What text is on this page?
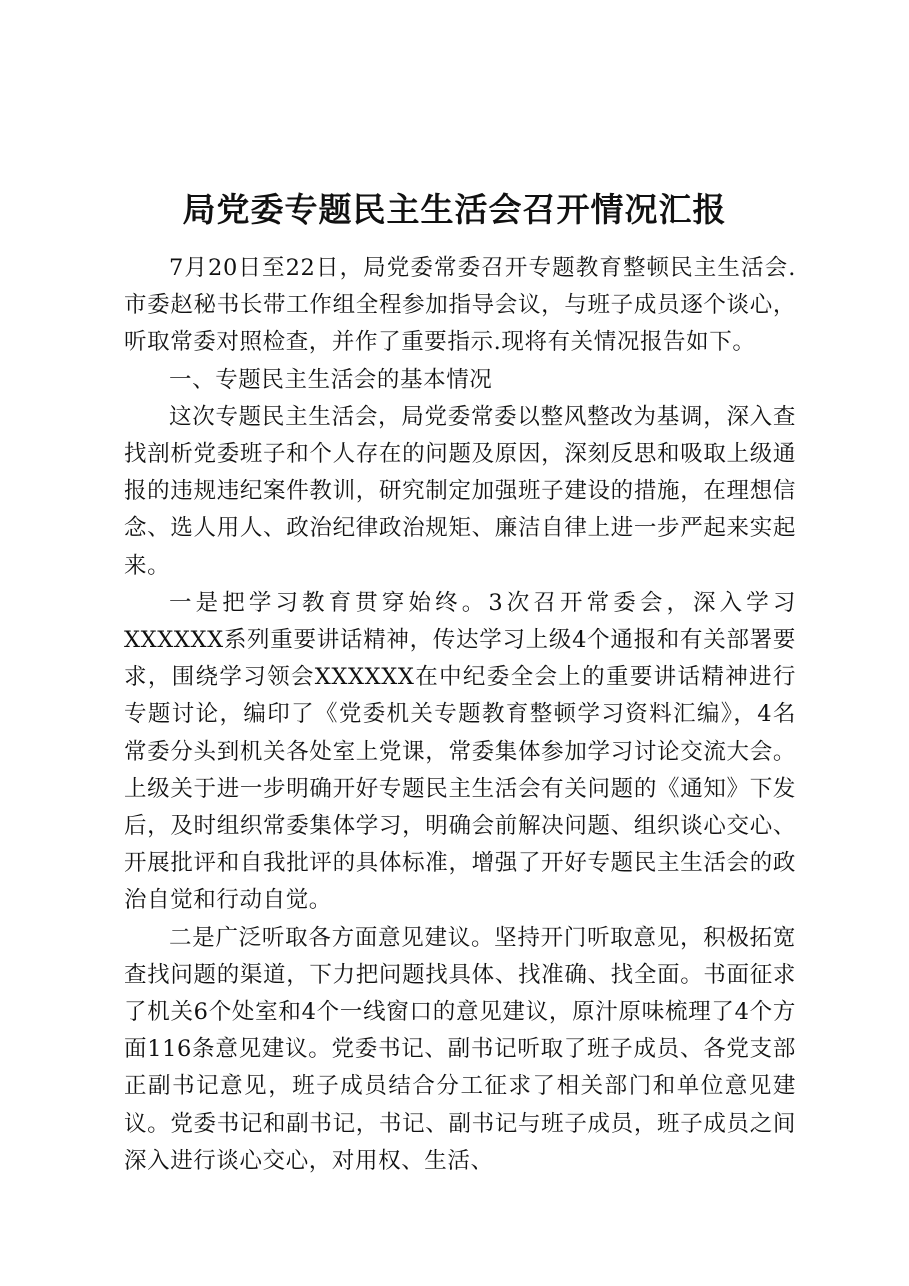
局党委专题民主生活会召开情况汇报

7月20日至22日，局党委常委召开专题教育整顿民主生活会.市委赵秘书长带工作组全程参加指导会议，与班子成员逐个谈心，听取常委对照检查，并作了重要指示.现将有关情况报告如下。

一、专题民主生活会的基本情况

这次专题民主生活会，局党委常委以整风整改为基调，深入查找剖析党委班子和个人存在的问题及原因，深刻反思和吸取上级通报的违规违纪案件教训，研究制定加强班子建设的措施，在理想信念、选人用人、政治纪律政治规矩、廉洁自律上进一步严起来实起来。

一是把学习教育贯穿始终。3次召开常委会，深入学习XXXXXX系列重要讲话精神，传达学习上级4个通报和有关部署要求，围绕学习领会XXXXXX在中纪委全会上的重要讲话精神进行专题讨论，编印了《党委机关专题教育整顿学习资料汇编》，4名常委分头到机关各处室上党课，常委集体参加学习讨论交流大会。上级关于进一步明确开好专题民主生活会有关问题的《通知》下发后，及时组织常委集体学习，明确会前解决问题、组织谈心交心、开展批评和自我批评的具体标准，增强了开好专题民主生活会的政治自觉和行动自觉。

二是广泛听取各方面意见建议。坚持开门听取意见，积极拓宽查找问题的渠道，下力把问题找具体、找准确、找全面。书面征求了机关6个处室和4个一线窗口的意见建议，原汁原味梳理了4个方面116条意见建议。党委书记、副书记听取了班子成员、各党支部正副书记意见，班子成员结合分工征求了相关部门和单位意见建议。党委书记和副书记，书记、副书记与班子成员，班子成员之间深入进行谈心交心，对用权、生活、
